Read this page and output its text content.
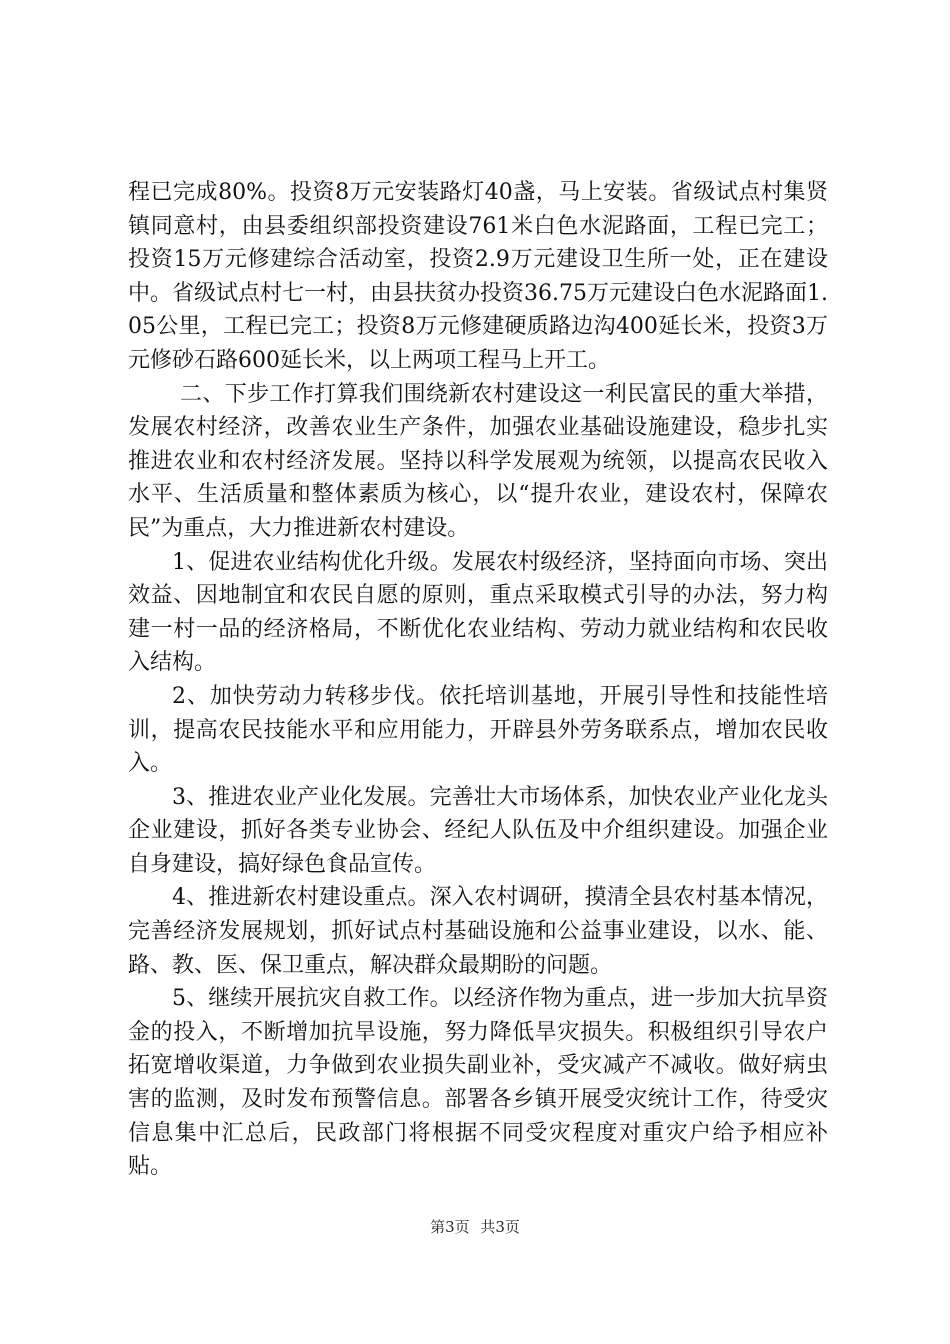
程已完成80%。投资8万元安装路灯40盏，马上安装。省级试点村集贤镇同意村，由县委组织部投资建设761米白色水泥路面，工程已完工；投资15万元修建综合活动室，投资2.9万元建设卫生所一处，正在建设中。省级试点村七一村，由县扶贫办投资36.75万元建设白色水泥路面1.05公里，工程已完工；投资8万元修建硬质路边沟400延长米，投资3万元修砂石路600延长米，以上两项工程马上开工。

二、下步工作打算我们围绕新农村建设这一利民富民的重大举措，发展农村经济，改善农业生产条件，加强农业基础设施建设，稳步扎实推进农业和农村经济发展。坚持以科学发展观为统领，以提高农民收入水平、生活质量和整体素质为核心，以“提升农业，建设农村，保障农民”为重点，大力推进新农村建设。

1、促进农业结构优化升级。发展农村级经济，坚持面向市场、突出效益、因地制宜和农民自愿的原则，重点采取模式引导的办法，努力构建一村一品的经济格局，不断优化农业结构、劳动力就业结构和农民收入结构。

2、加快劳动力转移步伐。依托培训基地，开展引导性和技能性培训，提高农民技能水平和应用能力，开辟县外劳务联系点，增加农民收入。

3、推进农业产业化发展。完善壮大市场体系，加快农业产业化龙头企业建设，抓好各类专业协会、经纪人队伍及中介组织建设。加强企业自身建设，搞好绿色食品宣传。

4、推进新农村建设重点。深入农村调研，摸清全县农村基本情况，完善经济发展规划，抓好试点村基础设施和公益事业建设，以水、能、路、教、医、保卫重点，解决群众最期盼的问题。

5、继续开展抗灾自救工作。以经济作物为重点，进一步加大抗旱资金的投入，不断增加抗旱设施，努力降低旱灾损失。积极组织引导农户拓宽增收渠道，力争做到农业损失副业补，受灾减产不减收。做好病虫害的监测，及时发布预警信息。部署各乡镇开展受灾统计工作，待受灾信息集中汇总后，民政部门将根据不同受灾程度对重灾户给予相应补贴。

第3页 共3页
